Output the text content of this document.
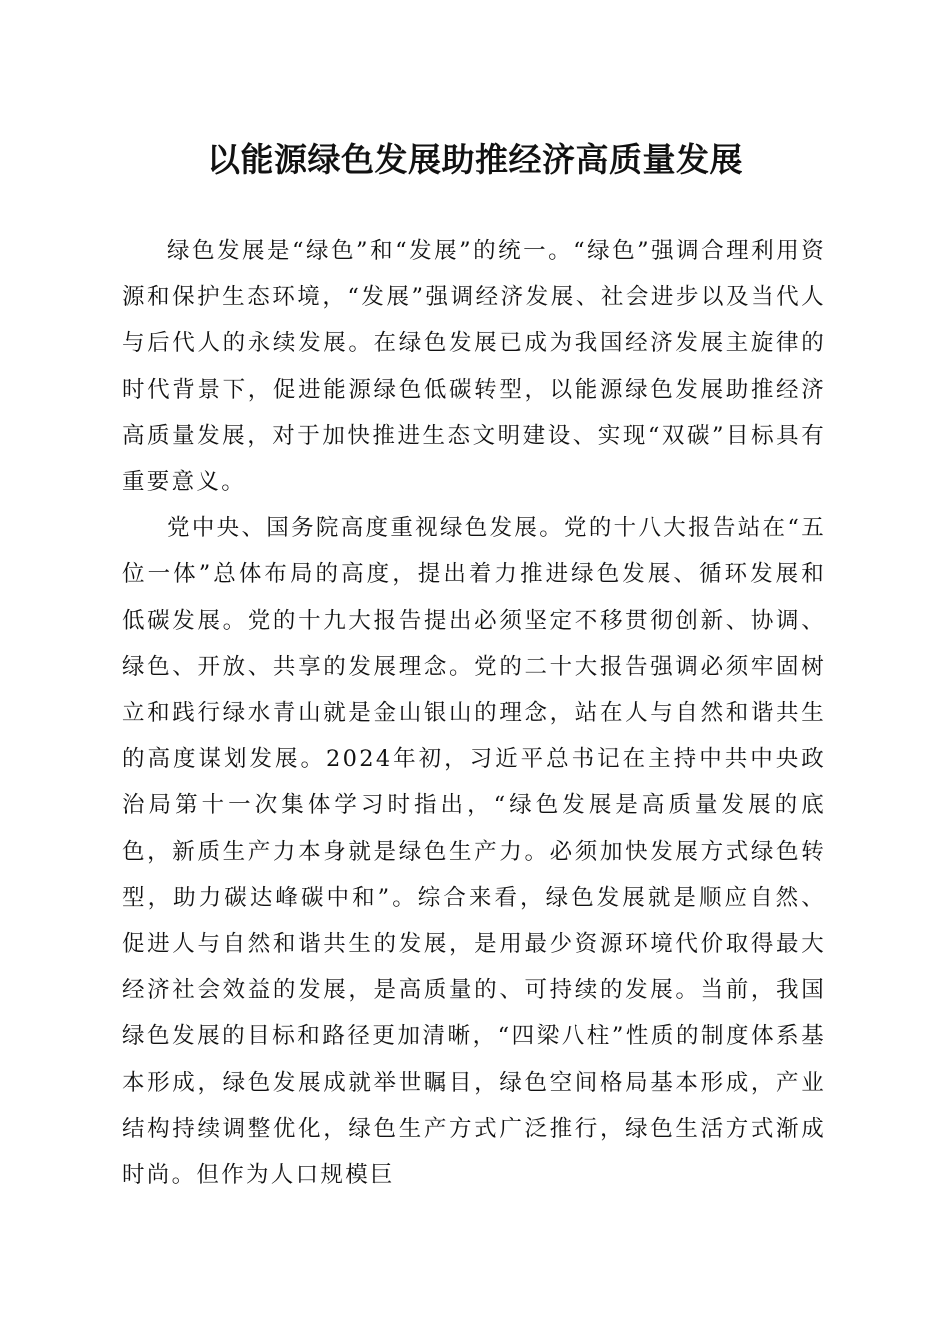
以能源绿色发展助推经济高质量发展

绿色发展是“绿色”和“发展”的统一。“绿色”强调合理利用资源和保护生态环境，“发展”强调经济发展、社会进步以及当代人与后代人的永续发展。在绿色发展已成为我国经济发展主旋律的时代背景下，促进能源绿色低碳转型，以能源绿色发展助推经济高质量发展，对于加快推进生态文明建设、实现“双碳”目标具有重要意义。

党中央、国务院高度重视绿色发展。党的十八大报告站在“五位一体”总体布局的高度，提出着力推进绿色发展、循环发展和低碳发展。党的十九大报告提出必须坚定不移贯彻创新、协调、绿色、开放、共享的发展理念。党的二十大报告强调必须牢固树立和践行绿水青山就是金山银山的理念，站在人与自然和谐共生的高度谋划发展。2024年初，习近平总书记在主持中共中央政治局第十一次集体学习时指出，“绿色发展是高质量发展的底色，新质生产力本身就是绿色生产力。必须加快发展方式绿色转型，助力碳达峰碳中和”。综合来看，绿色发展就是顺应自然、促进人与自然和谐共生的发展，是用最少资源环境代价取得最大经济社会效益的发展，是高质量的、可持续的发展。当前，我国绿色发展的目标和路径更加清晰，“四梁八柱”性质的制度体系基本形成，绿色发展成就举世瞩目，绿色空间格局基本形成，产业结构持续调整优化，绿色生产方式广泛推行，绿色生活方式渐成时尚。但作为人口规模巨
